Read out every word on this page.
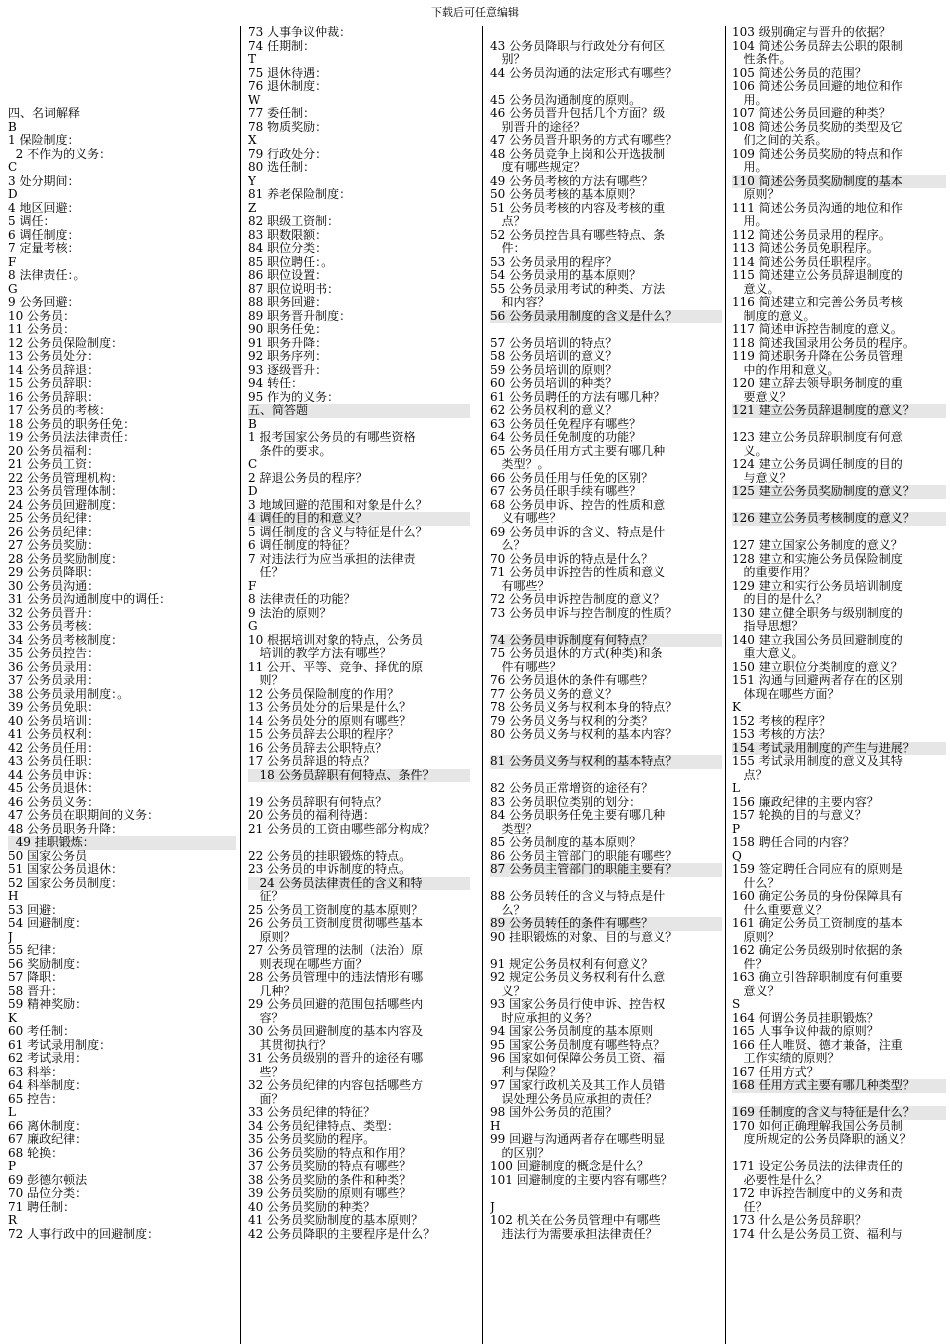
下载后可任意编辑

四、名词解释
B
1 保险制度：
2 不作为的义务：
C
3 处分期间：
D
4 地区回避：
5 调任：
6 调任制度：
7 定量考核：
F
8 法律责任：。
G
9 公务回避：
10 公务员：
11 公务员：
12 公务员保险制度：
13 公务员处分：
14 公务员辞退：
15 公务员辞职：
16 公务员辞职：
17 公务员的考核：
18 公务员的职务任免：
19 公务员法法律责任：
20 公务员福利：
21 公务员工资：
22 公务员管理机构：
23 公务员管理体制：
24 公务员回避制度：
25 公务员纪律：
26 公务员纪律：
27 公务员奖励：
28 公务员奖励制度：
29 公务员降职：
30 公务员沟通：
31 公务员沟通制度中的调任：
32 公务员晋升：
33 公务员考核：
34 公务员考核制度：
35 公务员控告：
36 公务员录用：
37 公务员录用：
38 公务员录用制度：。
39 公务员免职：
40 公务员培训：
41 公务员权利：
42 公务员任用：
43 公务员任职：
44 公务员申诉：
45 公务员退休：
46 公务员义务：
47 公务员在职期间的义务：
48 公务员职务升降：
49 挂职锻炼：
50 国家公务员
51 国家公务员退休：
52 国家公务员制度：
H
53 回避：
54 回避制度：
J
55 纪律：
56 奖励制度：
57 降职：
58 晋升：
59 精神奖励：
K
60 考任制：
61 考试录用制度：
62 考试录用：
63 科举：
64 科举制度：
65 控告：
L
66 离休制度：
67 廉政纪律：
68 轮换：
P
69 彭德尔顿法
70 品位分类：
71 聘任制：
R
72 人事行政中的回避制度：
73 人事争议仲裁：
74 任期制：
T
75 退休待遇：
76 退休制度：
W
77 委任制：
78 物质奖励：
X
79 行政处分：
80 选任制：
Y
81 养老保险制度：
Z
82 职级工资制：
83 职数限额：
84 职位分类：
85 职位聘任：。
86 职位设置：
87 职位说明书：
88 职务回避：
89 职务晋升制度：
90 职务任免：
91 职务升降：
92 职务序列：
93 逐级晋升：
94 转任：
95 作为的义务：
五、简答题
B
1 报考国家公务员的有哪些资格
条件的要求。
C
2 辞退公务员的程序？
D
3 地域回避的范围和对象是什么？
4 调任的目的和意义？
5 调任制度的含义与特征是什么？
6 调任制度的特征？
7 对违法行为应当承担的法律责
任？
F
8 法律责任的功能？
9 法治的原则？
G
10 根据培训对象的特点，公务员
培训的教学方法有哪些？
11 公开、平等、竞争、择优的原
则？
12 公务员保险制度的作用？
13 公务员处分的后果是什么？
14 公务员处分的原则有哪些？
15 公务员辞去公职的程序？
16 公务员辞去公职特点？
17 公务员辞退的特点？
18 公务员辞职有何特点、条件？

19 公务员辞职有何特点？
20 公务员的福利待遇：
21 公务员的工资由哪些部分构成？

22 公务员的挂职锻炼的特点。
23 公务员的申诉制度的特点。
24 公务员法律责任的含义和特
征？
25 公务员工资制度的基本原则？
26 公务员工资制度贯彻哪些基本
原则？
27 公务员管理的法制（法治）原
则表现在哪些方面？
28 公务员管理中的违法情形有哪
几种？
29 公务员回避的范围包括哪些内
容？
30 公务员回避制度的基本内容及
其贯彻执行？
31 公务员级别的晋升的途径有哪
些？
32 公务员纪律的内容包括哪些方
面？
33 公务员纪律的特征？
34 公务员纪律特点、类型：
35 公务员奖励的程序。
36 公务员奖励的特点和作用？
37 公务员奖励的特点有哪些？
38 公务员奖励的条件和种类？
39 公务员奖励的原则有哪些？
40 公务员奖励的种类？
41 公务员奖励制度的基本原则？
42 公务员降职的主要程序是什么？

43 公务员降职与行政处分有何区
别？
44 公务员沟通的法定形式有哪些？

45 公务员沟通制度的原则。
46 公务员晋升包括几个方面？级
别晋升的途径？
47 公务员晋升职务的方式有哪些？
48 公务员竞争上岗和公开选拔制
度有哪些规定？
49 公务员考核的方法有哪些？
50 公务员考核的基本原则？
51 公务员考核的内容及考核的重
点？
52 公务员控告具有哪些特点、条
件：
53 公务员录用的程序？
54 公务员录用的基本原则？
55 公务员录用考试的种类、方法
和内容？
56 公务员录用制度的含义是什么？

57 公务员培训的特点？
58 公务员培训的意义？
59 公务员培训的原则？
60 公务员培训的种类？
61 公务员聘任的方法有哪几种？
62 公务员权利的意义？
63 公务员任免程序有哪些？
64 公务员任免制度的功能？
65 公务员任用方式主要有哪几种
类型？。
66 公务员任用与任免的区别？
67 公务员任职手续有哪些？
68 公务员申诉、控告的性质和意
义有哪些？
69 公务员申诉的含义、特点是什
么？
70 公务员申诉的特点是什么？
71 公务员申诉控告的性质和意义
有哪些？
72 公务员申诉控告制度的意义？
73 公务员申诉与控告制度的性质？

74 公务员申诉制度有何特点？
75 公务员退休的方式(种类)和条
件有哪些？
76 公务员退休的条件有哪些？
77 公务员义务的意义？
78 公务员义务与权利本身的特点？
79 公务员义务与权利的分类？
80 公务员义务与权利的基本内容？

81 公务员义务与权利的基本特点？

82 公务员正常增资的途径有？
83 公务员职位类别的划分：
84 公务员职务任免主要有哪几种
类型？
85 公务员制度的基本原则？
86 公务员主管部门的职能有哪些？
87 公务员主管部门的职能主要有？

88 公务员转任的含义与特点是什
么？
89 公务员转任的条件有哪些？
90 挂职锻炼的对象、目的与意义？

91 规定公务员权利有何意义？
92 规定公务员义务权利有什么意
义？
93 国家公务员行使申诉、控告权
时应承担的义务？
94 国家公务员制度的基本原则
95 国家公务员制度有哪些特点？
96 国家如何保障公务员工资、福
利与保险？
97 国家行政机关及其工作人员错
误处理公务员应承担的责任？
98 国外公务员的范围？
H
99 回避与沟通两者存在哪些明显
的区别？
100 回避制度的概念是什么？
101 回避制度的主要内容有哪些？

J
102 机关在公务员管理中有哪些
违法行为需要承担法律责任？
103 级别确定与晋升的依据？
104 简述公务员辞去公职的限制
性条件。
105 简述公务员的范围？
106 简述公务员回避的地位和作
用。
107 简述公务员回避的种类？
108 简述公务员奖励的类型及它
们之间的关系。
109 简述公务员奖励的特点和作
用。
110 简述公务员奖励制度的基本
原则？
111 简述公务员沟通的地位和作
用。
112 简述公务员录用的程序。
113 简述公务员免职程序。
114 简述公务员任职程序。
115 简述建立公务员辞退制度的
意义。
116 简述建立和完善公务员考核
制度的意义。
117 简述申诉控告制度的意义。
118 简述我国录用公务员的程序。
119 简述职务升降在公务员管理
中的作用和意义。
120 建立辞去领导职务制度的重
要意义？
121 建立公务员辞退制度的意义？

123 建立公务员辞职制度有何意
义。
124 建立公务员调任制度的目的
与意义？
125 建立公务员奖励制度的意义？

126 建立公务员考核制度的意义？

127 建立国家公务制度的意义？
128 建立和实施公务员保险制度
的重要作用？
129 建立和实行公务员培训制度
的目的是什么？
130 建立健全职务与级别制度的
指导思想？
140 建立我国公务员回避制度的
重大意义。
150 建立职位分类制度的意义？
151 沟通与回避两者存在的区别
体现在哪些方面？
K
152 考核的程序？
153 考核的方法？
154 考试录用制度的产生与进展？
155 考试录用制度的意义及其特
点？
L
156 廉政纪律的主要内容？
157 轮换的目的与意义？
P
158 聘任合同的内容？
Q
159 签定聘任合同应有的原则是
什么？
160 确定公务员的身份保障具有
什么重要意义？
161 确定公务员工资制度的基本
原则？
162 确定公务员级别时依据的条
件？
163 确立引咎辞职制度有何重要
意义？
S
164 何谓公务员挂职锻炼？
165 人事争议仲裁的原则？
166 任人唯贤、德才兼备，注重
工作实绩的原则？
167 任用方式？
168 任用方式主要有哪几种类型？

169 任制度的含义与特征是什么？
170 如何正确理解我国公务员制
度所规定的公务员降职的涵义？

171 设定公务员法的法律责任的
必要性是什么？
172 申诉控告制度中的义务和责
任？
173 什么是公务员辞职？
174 什么是公务员工资、福利与
